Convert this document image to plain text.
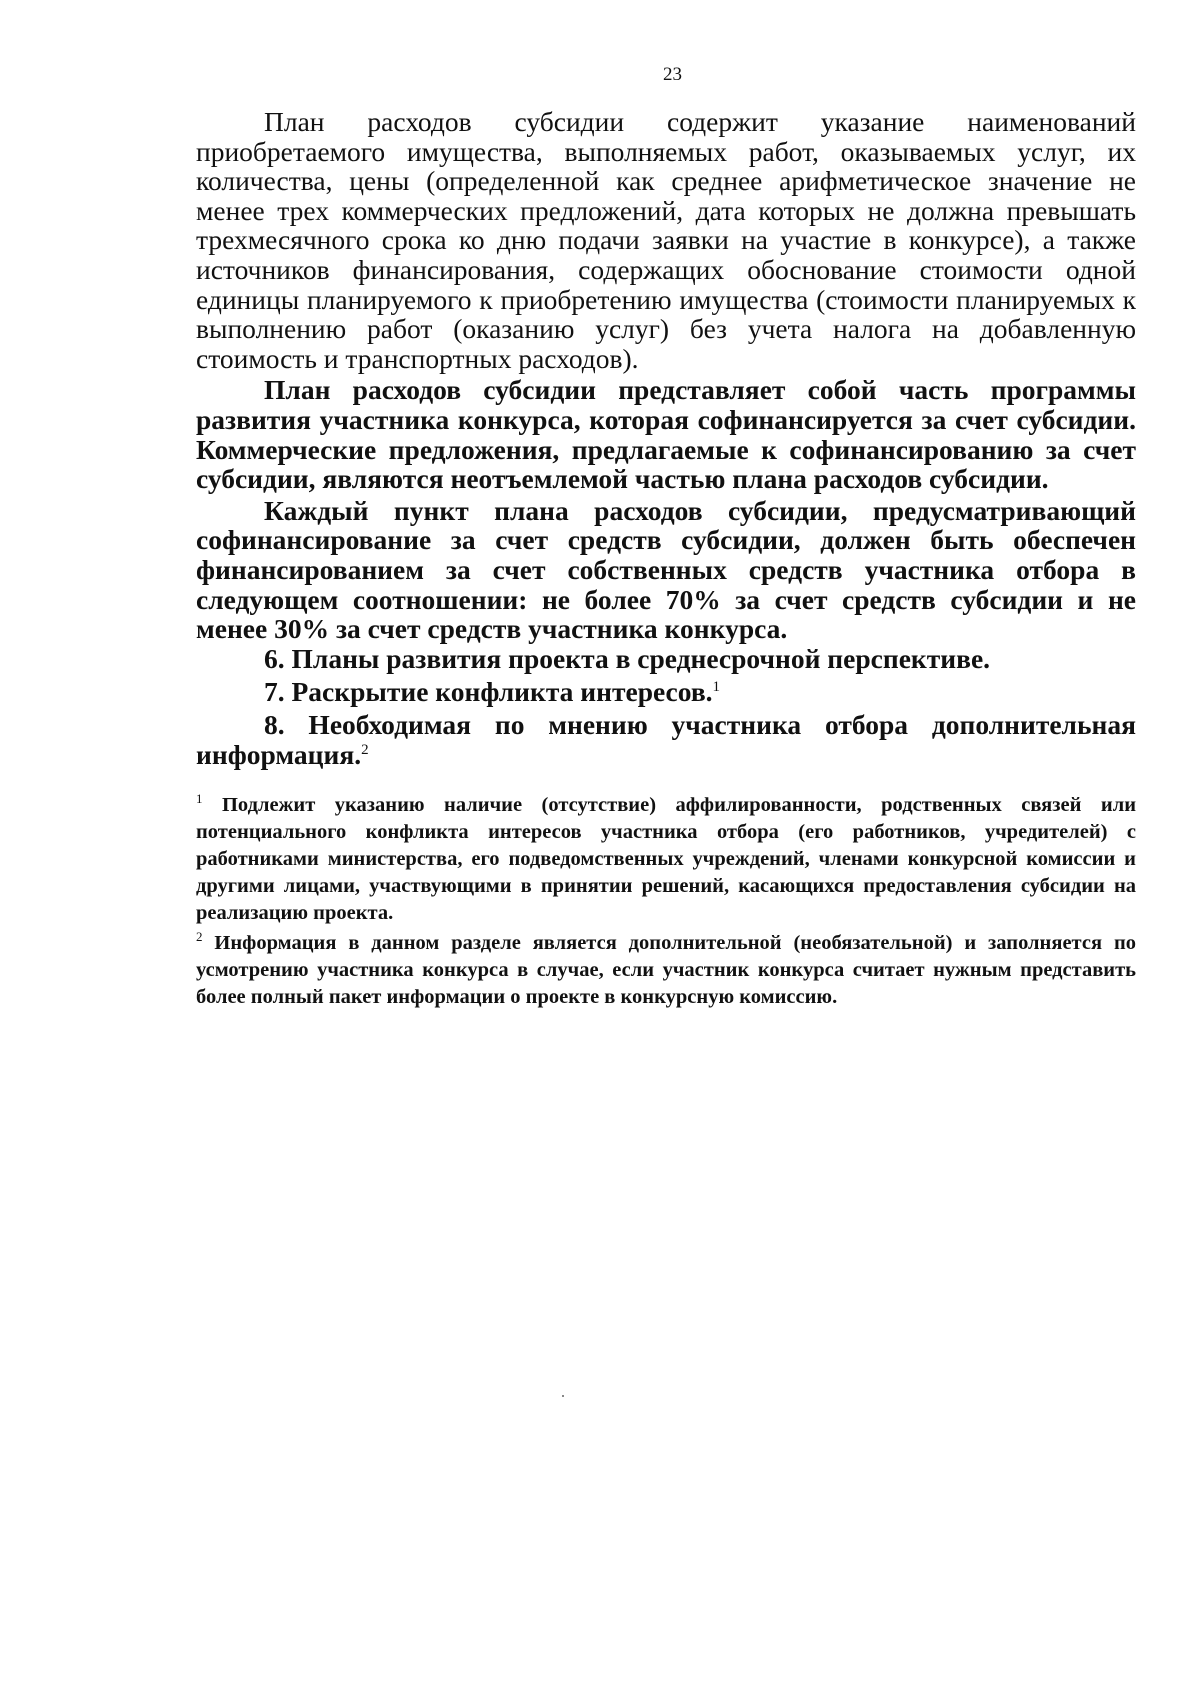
23

План расходов субсидии содержит указание наименований приобретаемого имущества, выполняемых работ, оказываемых услуг, их количества, цены (определенной как среднее арифметическое значение не менее трех коммерческих предложений, дата которых не должна превышать трехмесячного срока ко дню подачи заявки на участие в конкурсе), а также источников финансирования, содержащих обоснование стоимости одной единицы планируемого к приобретению имущества (стоимости планируемых к выполнению работ (оказанию услуг) без учета налога на добавленную стоимость и транспортных расходов).

План расходов субсидии представляет собой часть программы развития участника конкурса, которая софинансируется за счет субсидии. Коммерческие предложения, предлагаемые к софинансированию за счет субсидии, являются неотъемлемой частью плана расходов субсидии.

Каждый пункт плана расходов субсидии, предусматривающий софинансирование за счет средств субсидии, должен быть обеспечен финансированием за счет собственных средств участника отбора в следующем соотношении: не более 70% за счет средств субсидии и не менее 30% за счет средств участника конкурса.

6. Планы развития проекта в среднесрочной перспективе.

7. Раскрытие конфликта интересов.$^1$

8. Необходимая по мнению участника отбора дополнительная информация.$^2$

$^1$ Подлежит указанию наличие (отсутствие) аффилированности, родственных связей или потенциального конфликта интересов участника отбора (его работников, учредителей) с работниками министерства, его подведомственных учреждений, членами конкурсной комиссии и другими лицами, участвующими в принятии решений, касающихся предоставления субсидии на реализацию проекта.

$^2$ Информация в данном разделе является дополнительной (необязательной) и заполняется по усмотрению участника конкурса в случае, если участник конкурса считает нужным представить более полный пакет информации о проекте в конкурсную комиссию.
